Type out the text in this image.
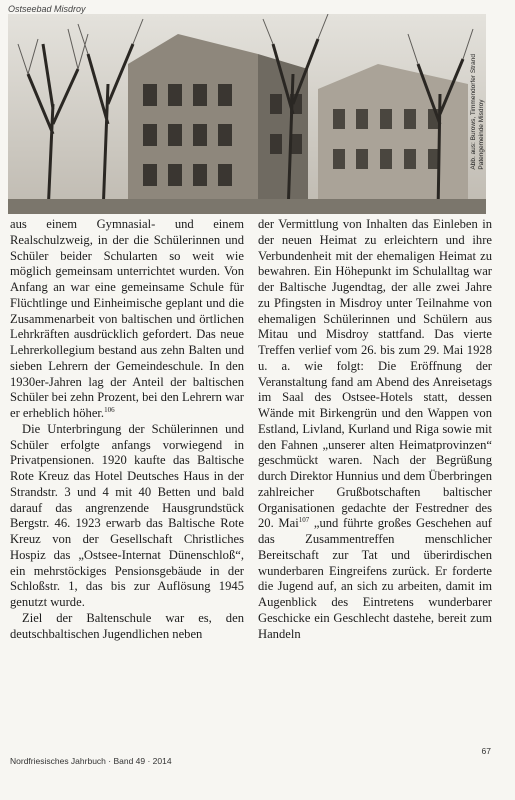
Ostseebad Misdroy
Abb. aus: Burows, Timmendorfer Strand
Patengemeinde Misdroy

aus einem Gymnasial- und einem Realschulzweig, in der die Schülerinnen und Schüler beider Schularten so weit wie möglich gemeinsam unterrichtet wurden. Von Anfang an war eine gemeinsame Schule für Flüchtlinge und Einheimische geplant und die Zusammenarbeit von baltischen und örtlichen Lehrkräften ausdrücklich gefordert. Das neue Lehrerkollegium bestand aus zehn Balten und sieben Lehrern der Gemeindeschule. In den 1930er-Jahren lag der Anteil der baltischen Schüler bei zehn Prozent, bei den Lehrern war er erheblich höher.$^{106}$

Die Unterbringung der Schülerinnen und Schüler erfolgte anfangs vorwiegend in Privatpensionen. 1920 kaufte das Baltische Rote Kreuz das Hotel Deutsches Haus in der Strandstr. 3 und 4 mit 40 Betten und bald darauf das angrenzende Hausgrundstück Bergstr. 46. 1923 erwarb das Baltische Rote Kreuz von der Gesellschaft Christliches Hospiz das „Ostsee-Internat Dünenschloß“, ein mehrstöckiges Pensionsgebäude in der Schloßstr. 1, das bis zur Auflösung 1945 genutzt wurde.

Ziel der Baltenschule war es, den deutschbaltischen Jugendlichen neben

der Vermittlung von Inhalten das Einleben in der neuen Heimat zu erleichtern und ihre Verbundenheit mit der ehemaligen Heimat zu bewahren. Ein Höhepunkt im Schulalltag war der Baltische Jugendtag, der alle zwei Jahre zu Pfingsten in Misdroy unter Teilnahme von ehemaligen Schülerinnen und Schülern aus Mitau und Misdroy stattfand. Das vierte Treffen verlief vom 26. bis zum 29. Mai 1928 u. a. wie folgt: Die Eröffnung der Veranstaltung fand am Abend des Anreisetags im Saal des Ostsee-Hotels statt, dessen Wände mit Birkengrün und den Wappen von Estland, Livland, Kurland und Riga sowie mit den Fahnen „unserer alten Heimatprovinzen“ geschmückt waren. Nach der Begrüßung durch Direktor Hunnius und dem Überbringen zahlreicher Grußbotschaften baltischer Organisationen gedachte der Festredner des 20. Mai$^{107}$ „und führte großes Geschehen auf das Zusammentreffen menschlicher Bereitschaft zur Tat und überirdischen wunderbaren Eingreifens zurück. Er forderte die Jugend auf, an sich zu arbeiten, damit im Augenblick des Eintretens wunderbarer Geschicke ein Geschlecht dastehe, bereit zum Handeln

Nordfriesisches Jahrbuch · Band 49 · 2014
67
